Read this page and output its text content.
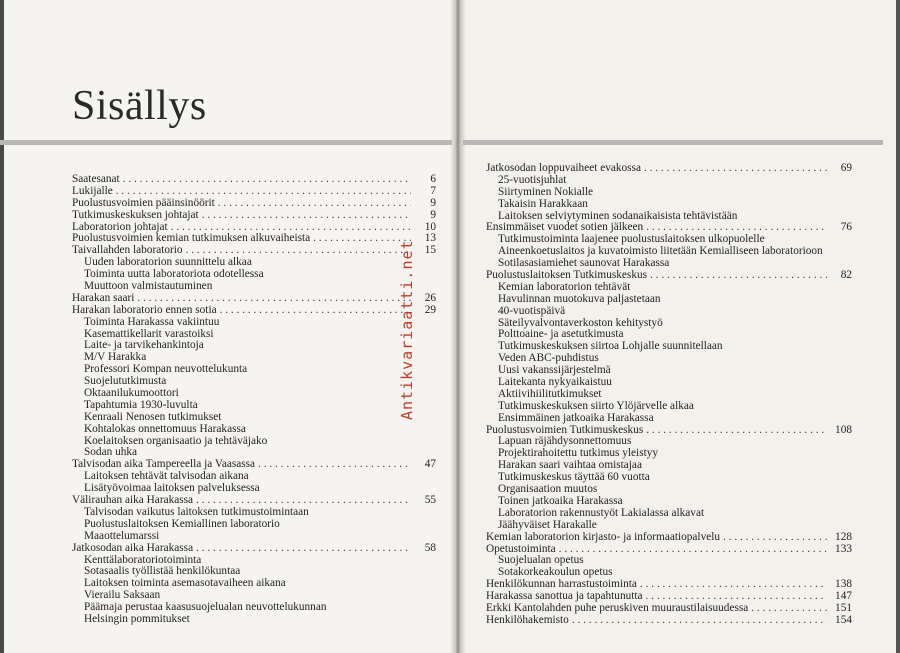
Sisällys
Saatesanat . . .	6
Lukijalle . . .	7
Puolustusvoimien pääinsinöörit . . .	9
Tutkimuskeskuksen johtajat . . .	9
Laboratorion johtajat . . .	10
Puolustusvoimien kemian tutkimuksen alkuvaiheista . . .	13
Taivallahden laboratorio . . .	15
Uuden laboratorion suunnittelu alkaa
Toiminta uutta laboratoriota odotellessa
Muuttoon valmistautuminen
Harakan saari . . .	26
Harakan laboratorio ennen sotia . . .	29
Toiminta Harakassa vakiintuu
Kasemattikellarit varastoiksi
Laite- ja tarvikehankintoja
M/V Harakka
Professori Kompan neuvottelukunta
Suojelututkimusta
Oktaanilukumoottori
Tapahtumia 1930-luvulta
Kenraali Nenosen tutkimukset
Kohtalokas onnettomuus Harakassa
Koelaitoksen organisaatio ja tehtäväjako
Sodan uhka
Talvisodan aika Tampereella ja Vaasassa . . .	47
Laitoksen tehtävät talvisodan aikana
Lisätyövoimaa laitoksen palveluksessa
Välirauhan aika Harakassa . . .	55
Talvisodan vaikutus laitoksen tutkimustoimintaan
Puolustuslaitoksen Kemiallinen laboratorio
Maaottelumarssi
Jatkosodan aika Harakassa . . .	58
Kenttälaboratoriotoiminta
Sotasaalis työllistää henkilökuntaa
Laitoksen toiminta asemasotavaiheen aikana
Vierailu Saksaan
Päämaja perustaa kaasusuojelualan neuvottelukunnan
Helsingin pommitukset
Jatkosodan loppuvaiheet evakossa . . .	69
25-vuotisjuhlat
Siirtyminen Nokialle
Takaisin Harakkaan
Laitoksen selviytyminen sodanaikaisista tehtävistään
Ensimmäiset vuodet sotien jälkeen . . .	76
Tutkimustoiminta laajenee puolustuslaitoksen ulkopuolelle
Aineenkoetuslaitos ja kuvatoimisto liitetään Kemialliseen laboratorioon
Sotilasasiamiehet saunovat Harakassa
Puolustuslaitoksen Tutkimuskeskus . . .	82
Kemian laboratorion tehtävät
Havulinnan muotokuva paljastetaan
40-vuotispäivä
Säteilyvalvontaverkoston kehitystyö
Polttoaine- ja asetutkimusta
Tutkimuskeskuksen siirtoa Lohjalle suunnitellaan
Veden ABC-puhdistus
Uusi vakanssijärjestelmä
Laitekanta nykyaikaistuu
Aktiivihiilitutkimukset
Tutkimuskeskuksen siirto Ylöjärvelle alkaa
Ensimmäinen jatkoaika Harakassa
Puolustusvoimien Tutkimuskeskus . . .	108
Lapuan räjähdysonnettomuus
Projektirahoitettu tutkimus yleistyy
Harakan saari vaihtaa omistajaa
Tutkimuskeskus täyttää 60 vuotta
Organisaation muutos
Toinen jatkoaika Harakassa
Laboratorion rakennustyöt Lakialassa alkavat
Jäähyväiset Harakalle
Kemian laboratorion kirjasto- ja informaatiopalvelu . . .	128
Opetustoiminta . . .	133
Suojelualan opetus
Sotakorkeakoulun opetus
Henkilökunnan harrastustoiminta . . .	138
Harakassa sanottua ja tapahtunutta . . .	147
Erkki Kantolahden puhe peruskiven muuraustilaisuudessa . . .	151
Henkilöhakemisto . . .	154
Antikvariaatti.net
